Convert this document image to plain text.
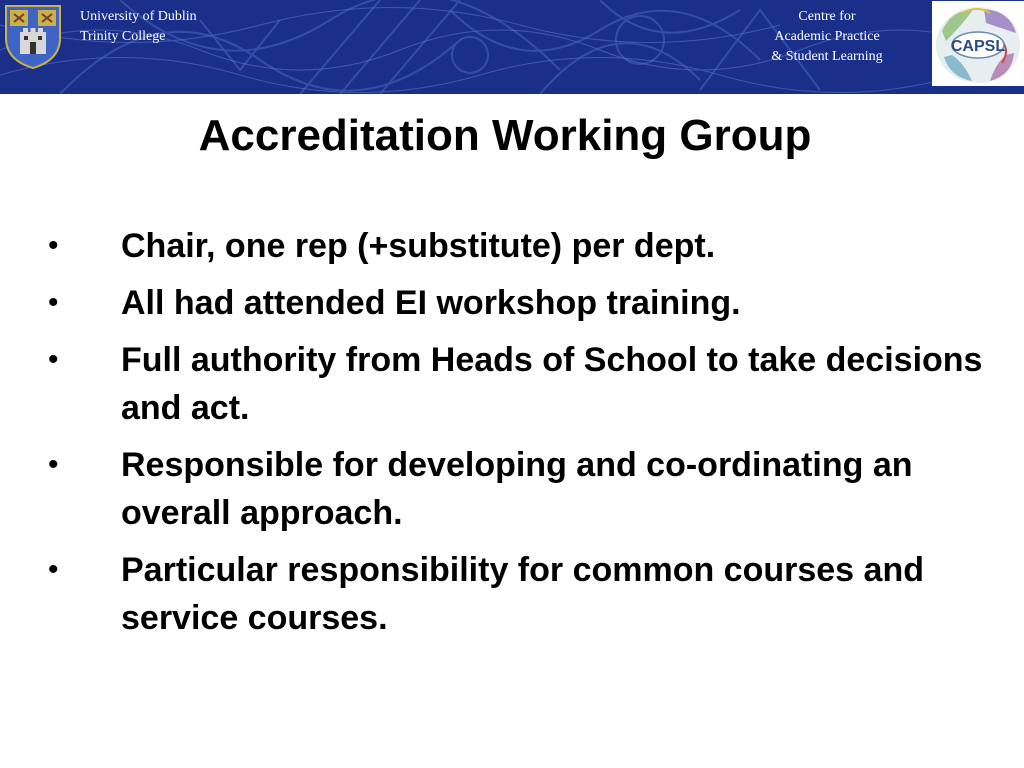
University of Dublin
Trinity College
Centre for
Academic Practice
& Student Learning
CAPSL
Accreditation Working Group
• Chair, one rep (+substitute) per dept.
• All had attended EI workshop training.
• Full authority from Heads of School to take decisions and act.
• Responsible for developing and co-ordinating an overall approach.
• Particular responsibility for common courses and service courses.
